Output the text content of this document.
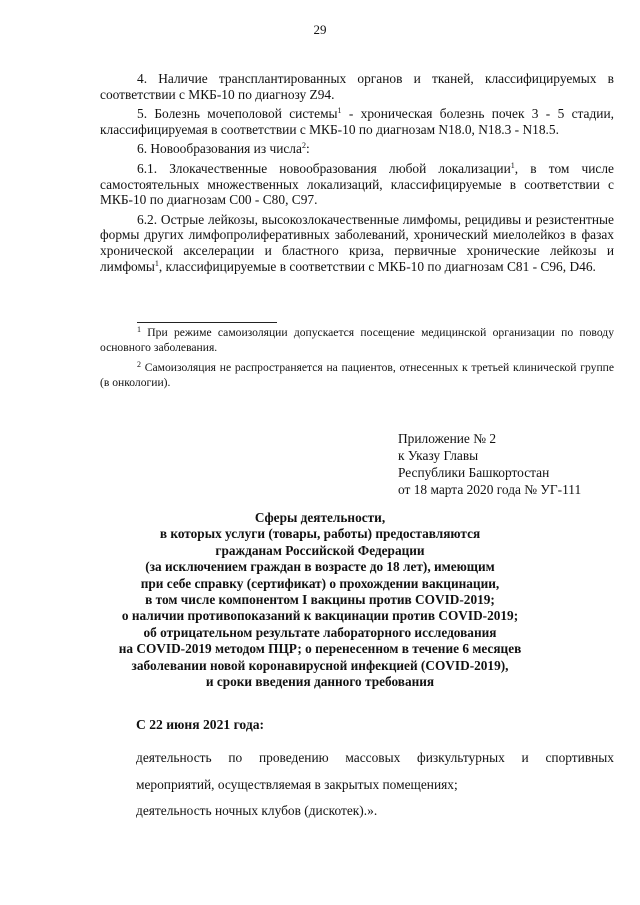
29

4. Наличие трансплантированных органов и тканей, классифицируемых в соответствии с МКБ-10 по диагнозу Z94.

5. Болезнь мочеполовой системы$^1$ - хроническая болезнь почек 3 - 5 стадии, классифицируемая в соответствии с МКБ-10 по диагнозам N18.0, N18.3 - N18.5.

6. Новообразования из числа$^2$:

6.1. Злокачественные новообразования любой локализации$^1$, в том числе самостоятельных множественных локализаций, классифицируемые в соответствии с МКБ-10 по диагнозам С00 - С80, С97.

6.2. Острые лейкозы, высокозлокачественные лимфомы, рецидивы и резистентные формы других лимфопролиферативных заболеваний, хронический миелолейкоз в фазах хронической акселерации и бластного криза, первичные хронические лейкозы и лимфомы$^1$, классифицируемые в соответствии с МКБ-10 по диагнозам С81 - С96, D46.

$^1$ При режиме самоизоляции допускается посещение медицинской организации по поводу основного заболевания.

$^2$ Самоизоляция не распространяется на пациентов, отнесенных к третьей клинической группе (в онкологии).

Приложение № 2
к Указу Главы
Республики Башкортостан
от 18 марта 2020 года № УГ-111
Сферы деятельности,
в которых услуги (товары, работы) предоставляются
гражданам Российской Федерации
(за исключением граждан в возрасте до 18 лет), имеющим
при себе справку (сертификат) о прохождении вакцинации,
в том числе компонентом I вакцины против COVID-2019;
о наличии противопоказаний к вакцинации против COVID-2019;
об отрицательном результате лабораторного исследования
на COVID-2019 методом ПЦР; о перенесенном в течение 6 месяцев
заболевании новой коронавирусной инфекцией (COVID-2019),
и сроки введения данного требования
С 22 июня 2021 года:
деятельность по проведению массовых физкультурных и спортивных мероприятий, осуществляемая в закрытых помещениях;
деятельность ночных клубов (дискотек).».
